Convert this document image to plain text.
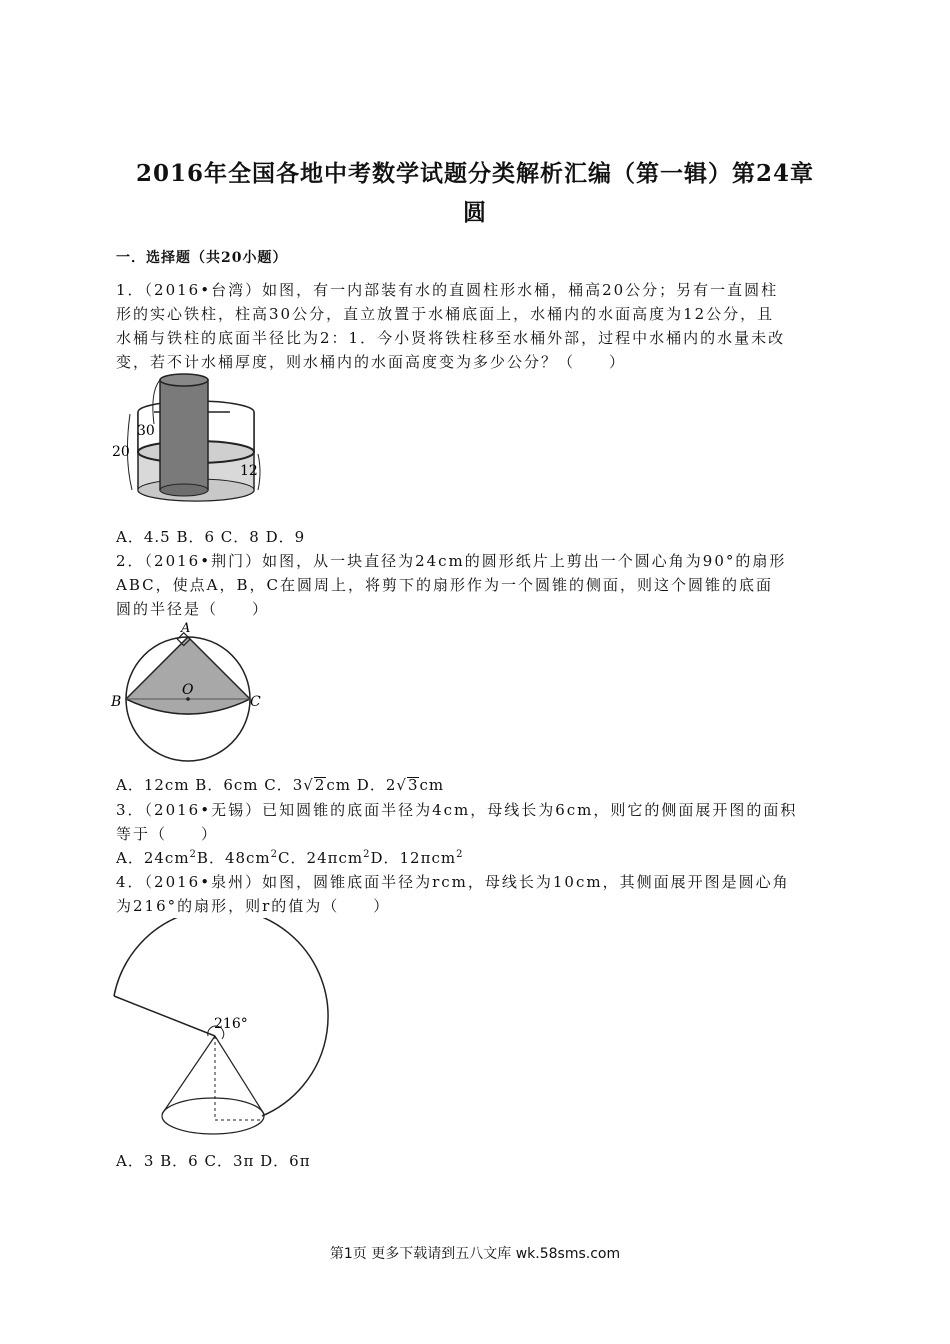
2016年全国各地中考数学试题分类解析汇编（第一辑）第24章
圆
一．选择题（共20小题）
1．（2016•台湾）如图，有一内部装有水的直圆柱形水桶，桶高20公分；另有一直圆柱
形的实心铁柱，柱高30公分，直立放置于水桶底面上，水桶内的水面高度为12公分，且
水桶与铁柱的底面半径比为2：1．今小贤将铁柱移至水桶外部，过程中水桶内的水量未改
变，若不计水桶厚度，则水桶内的水面高度变为多少公分？（　　）
30
20
12
A．4.5 B．6 C．8 D．9
2．（2016•荆门）如图，从一块直径为24cm的圆形纸片上剪出一个圆心角为90°的扇形
ABC，使点A，B，C在圆周上，将剪下的扇形作为一个圆锥的侧面，则这个圆锥的底面
圆的半径是（　　）
A
B	C
O
A．12cm B．6cm C．3√2cm D．2√3cm
3．（2016•无锡）已知圆锥的底面半径为4cm，母线长为6cm，则它的侧面展开图的面积
等于（　　）
A．$24cm^2B$．$48cm^2C$．24πcm$^2$D．12πcm$^2$
4．（2016•泉州）如图，圆锥底面半径为rcm，母线长为10cm，其侧面展开图是圆心角
为216°的扇形，则r的值为（　　）
216°
A．3 B．6 C．3π D．6π
第1页 更多下载请到五八文库 wk.58sms.com
